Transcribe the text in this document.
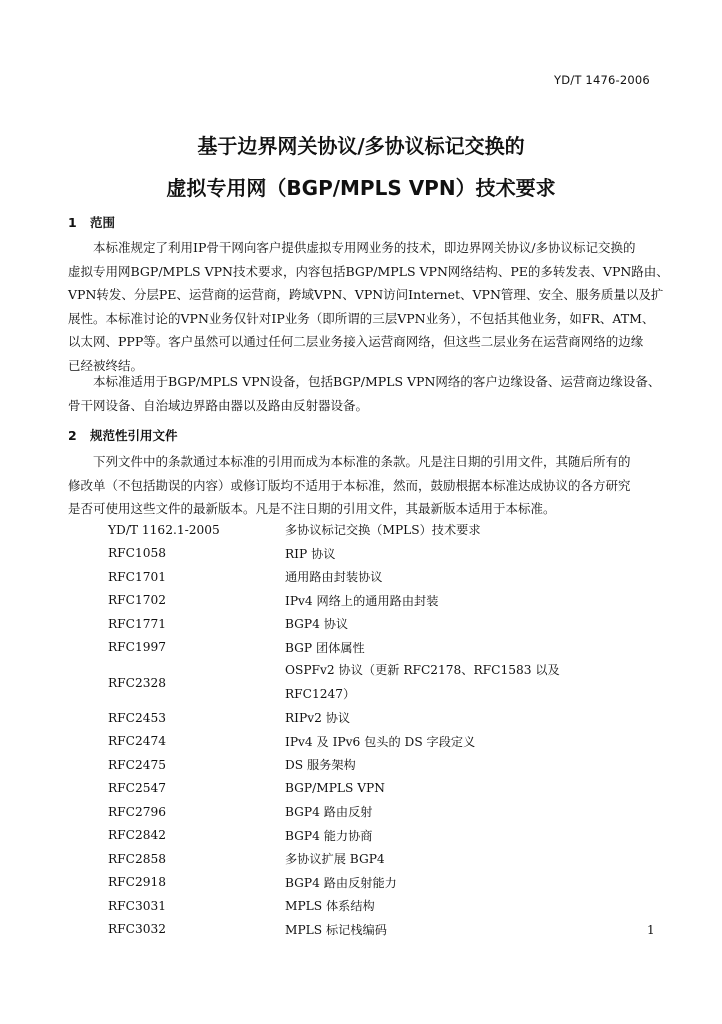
YD/T 1476-2006
基于边界网关协议/多协议标记交换的
虚拟专用网（BGP/MPLS VPN）技术要求
1 范围
本标准规定了利用IP骨干网向客户提供虚拟专用网业务的技术，即边界网关协议/多协议标记交换的
虚拟专用网BGP/MPLS VPN技术要求，内容包括BGP/MPLS VPN网络结构、PE的多转发表、VPN路由、
VPN转发、分层PE、运营商的运营商，跨域VPN、VPN访问Internet、VPN管理、安全、服务质量以及扩
展性。本标准讨论的VPN业务仅针对IP业务（即所谓的三层VPN业务），不包括其他业务，如FR、ATM、
以太网、PPP等。客户虽然可以通过任何二层业务接入运营商网络，但这些二层业务在运营商网络的边缘
已经被终结。
本标准适用于BGP/MPLS VPN设备，包括BGP/MPLS VPN网络的客户边缘设备、运营商边缘设备、
骨干网设备、自治域边界路由器以及路由反射器设备。
2 规范性引用文件
下列文件中的条款通过本标准的引用而成为本标准的条款。凡是注日期的引用文件，其随后所有的
修改单（不包括勘误的内容）或修订版均不适用于本标准，然而，鼓励根据本标准达成协议的各方研究
是否可使用这些文件的最新版本。凡是不注日期的引用文件，其最新版本适用于本标准。
YD/T 1162.1-2005	多协议标记交换（MPLS）技术要求
RFC1058	RIP 协议
RFC1701	通用路由封装协议
RFC1702	IPv4 网络上的通用路由封装
RFC1771	BGP4 协议
RFC1997	BGP 团体属性
RFC2328	OSPFv2 协议（更新 RFC2178、RFC1583 以及
RFC1247）

RFC2453	RIPv2 协议
RFC2474	IPv4 及 IPv6 包头的 DS 字段定义
RFC2475	DS 服务架构
RFC2547	BGP/MPLS VPN
RFC2796	BGP4 路由反射
RFC2842	BGP4 能力协商
RFC2858	多协议扩展 BGP4
RFC2918	BGP4 路由反射能力
RFC3031	MPLS 体系结构
RFC3032	MPLS 标记栈编码	1
